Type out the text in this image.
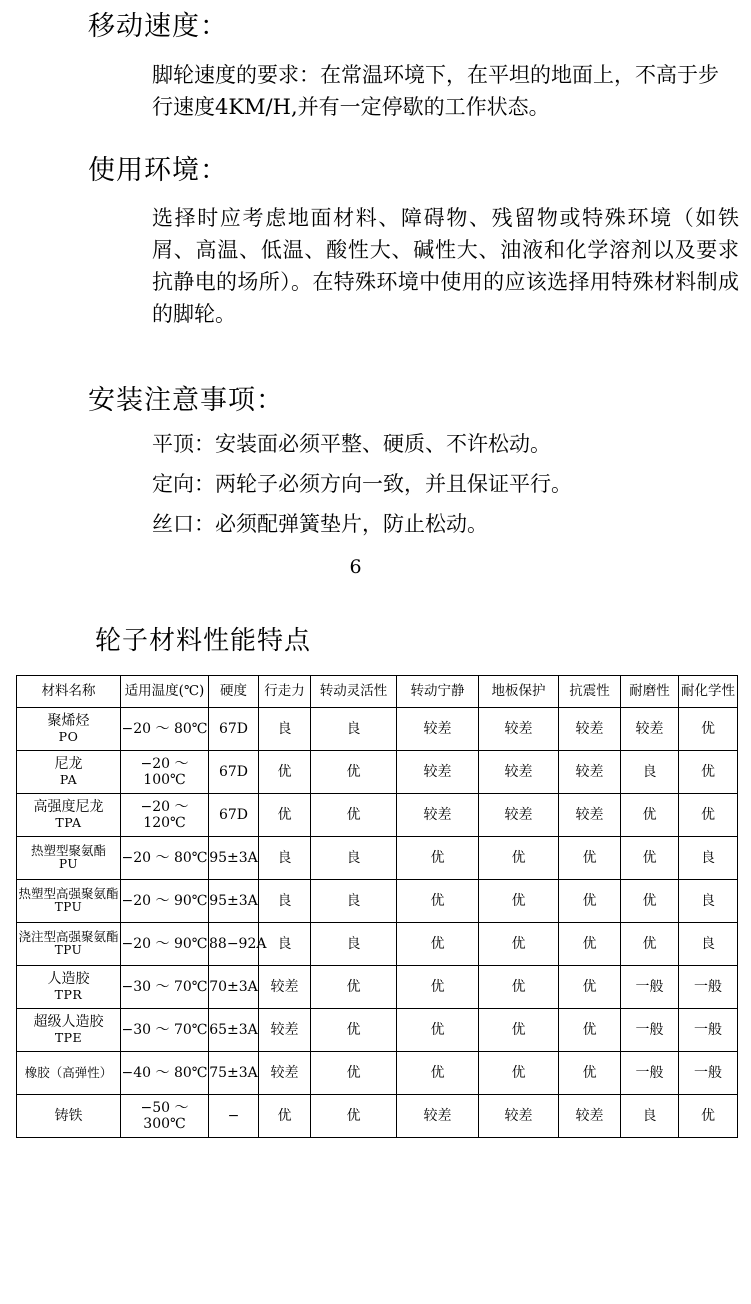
移动速度：

脚轮速度的要求：在常温环境下，在平坦的地面上，不高于步行速度4KM/H,并有一定停歇的工作状态。

使用环境：

选择时应考虑地面材料、障碍物、残留物或特殊环境（如铁屑、高温、低温、酸性大、碱性大、油液和化学溶剂以及要求抗静电的场所）。在特殊环境中使用的应该选择用特殊材料制成的脚轮。

安装注意事项：
平顶：安装面必须平整、硬质、不许松动。
定向：两轮子必须方向一致，并且保证平行。
丝口：必须配弹簧垫片，防止松动。
6
轮子材料性能特点
材料名称	适用温度(℃)	硬度	行走力	转动灵活性	转动宁静	地板保护	抗震性	耐磨性	耐化学性
聚烯烃
PO	−20 ～ 80℃	67D	良	良	较差	较差	较差	较差	优
尼龙
PA	−20 ～ 100℃	67D	优	优	较差	较差	较差	良	优
高强度尼龙
TPA	−20 ～ 120℃	67D	优	优	较差	较差	较差	优	优
热塑型聚氨酯
PU	−20 ～ 80℃	95±3A	良	良	优	优	优	优	良
热塑型高强聚氨酯
TPU	−20 ～ 90℃	95±3A	良	良	优	优	优	优	良
浇注型高强聚氨酯
TPU	−20 ～ 90℃	88−92A	良	良	优	优	优	优	良
人造胶
TPR	−30 ～ 70℃	70±3A	较差	优	优	优	优	一般	一般
超级人造胶
TPE	−30 ～ 70℃	65±3A	较差	优	优	优	优	一般	一般
橡胶（高弹性）	−40 ～ 80℃	75±3A	较差	优	优	优	优	一般	一般
铸铁	−50 ～ 300℃	−	优	优	较差	较差	较差	良	优
